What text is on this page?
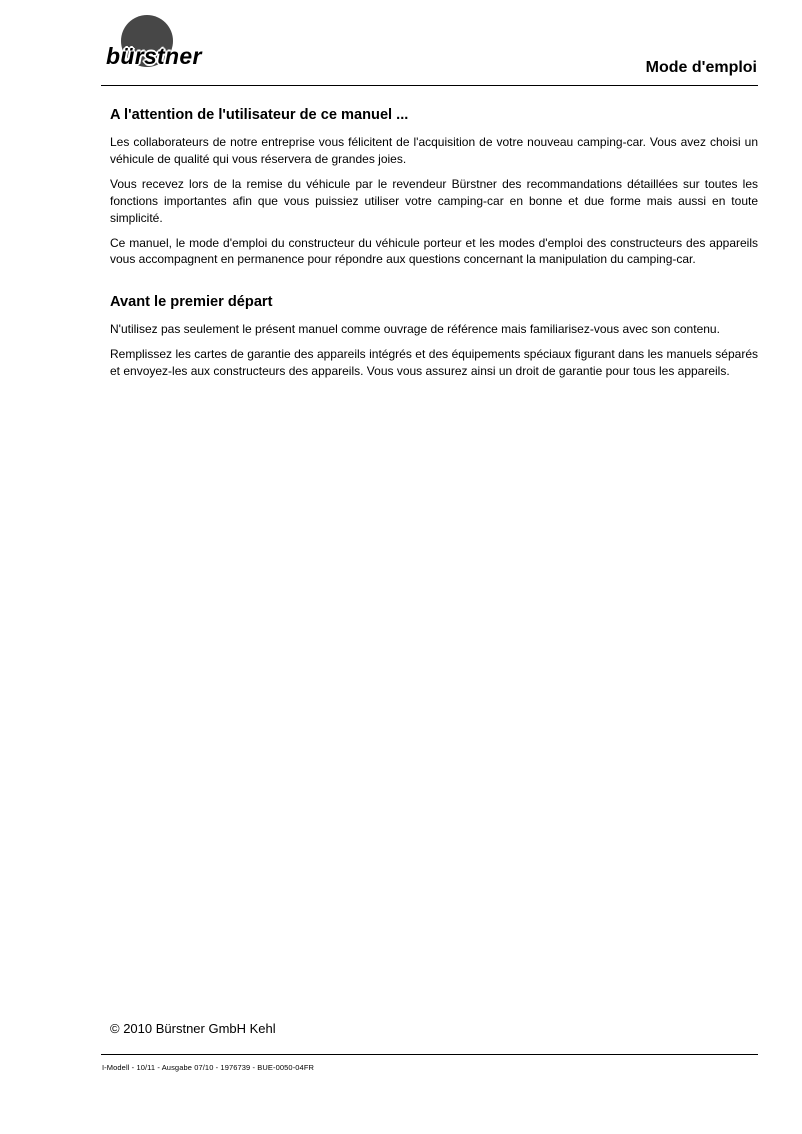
bürstner	Mode d'emploi
A l'attention de l'utilisateur de ce manuel ...

Les collaborateurs de notre entreprise vous félicitent de l'acquisition de votre nouveau camping-car. Vous avez choisi un véhicule de qualité qui vous réservera de grandes joies.

Vous recevez lors de la remise du véhicule par le revendeur Bürstner des recommandations détaillées sur toutes les fonctions importantes afin que vous puissiez utiliser votre camping-car en bonne et due forme mais aussi en toute simplicité.

Ce manuel, le mode d'emploi du constructeur du véhicule porteur et les modes d'emploi des constructeurs des appareils vous accompagnent en permanence pour répondre aux questions concernant la manipulation du camping-car.

Avant le premier départ

N'utilisez pas seulement le présent manuel comme ouvrage de référence mais familiarisez-vous avec son contenu.

Remplissez les cartes de garantie des appareils intégrés et des équipements spéciaux figurant dans les manuels séparés et envoyez-les aux constructeurs des appareils. Vous vous assurez ainsi un droit de garantie pour tous les appareils.

© 2010 Bürstner GmbH Kehl
I-Modell - 10/11 - Ausgabe 07/10 - 1976739 - BUE-0050-04FR
